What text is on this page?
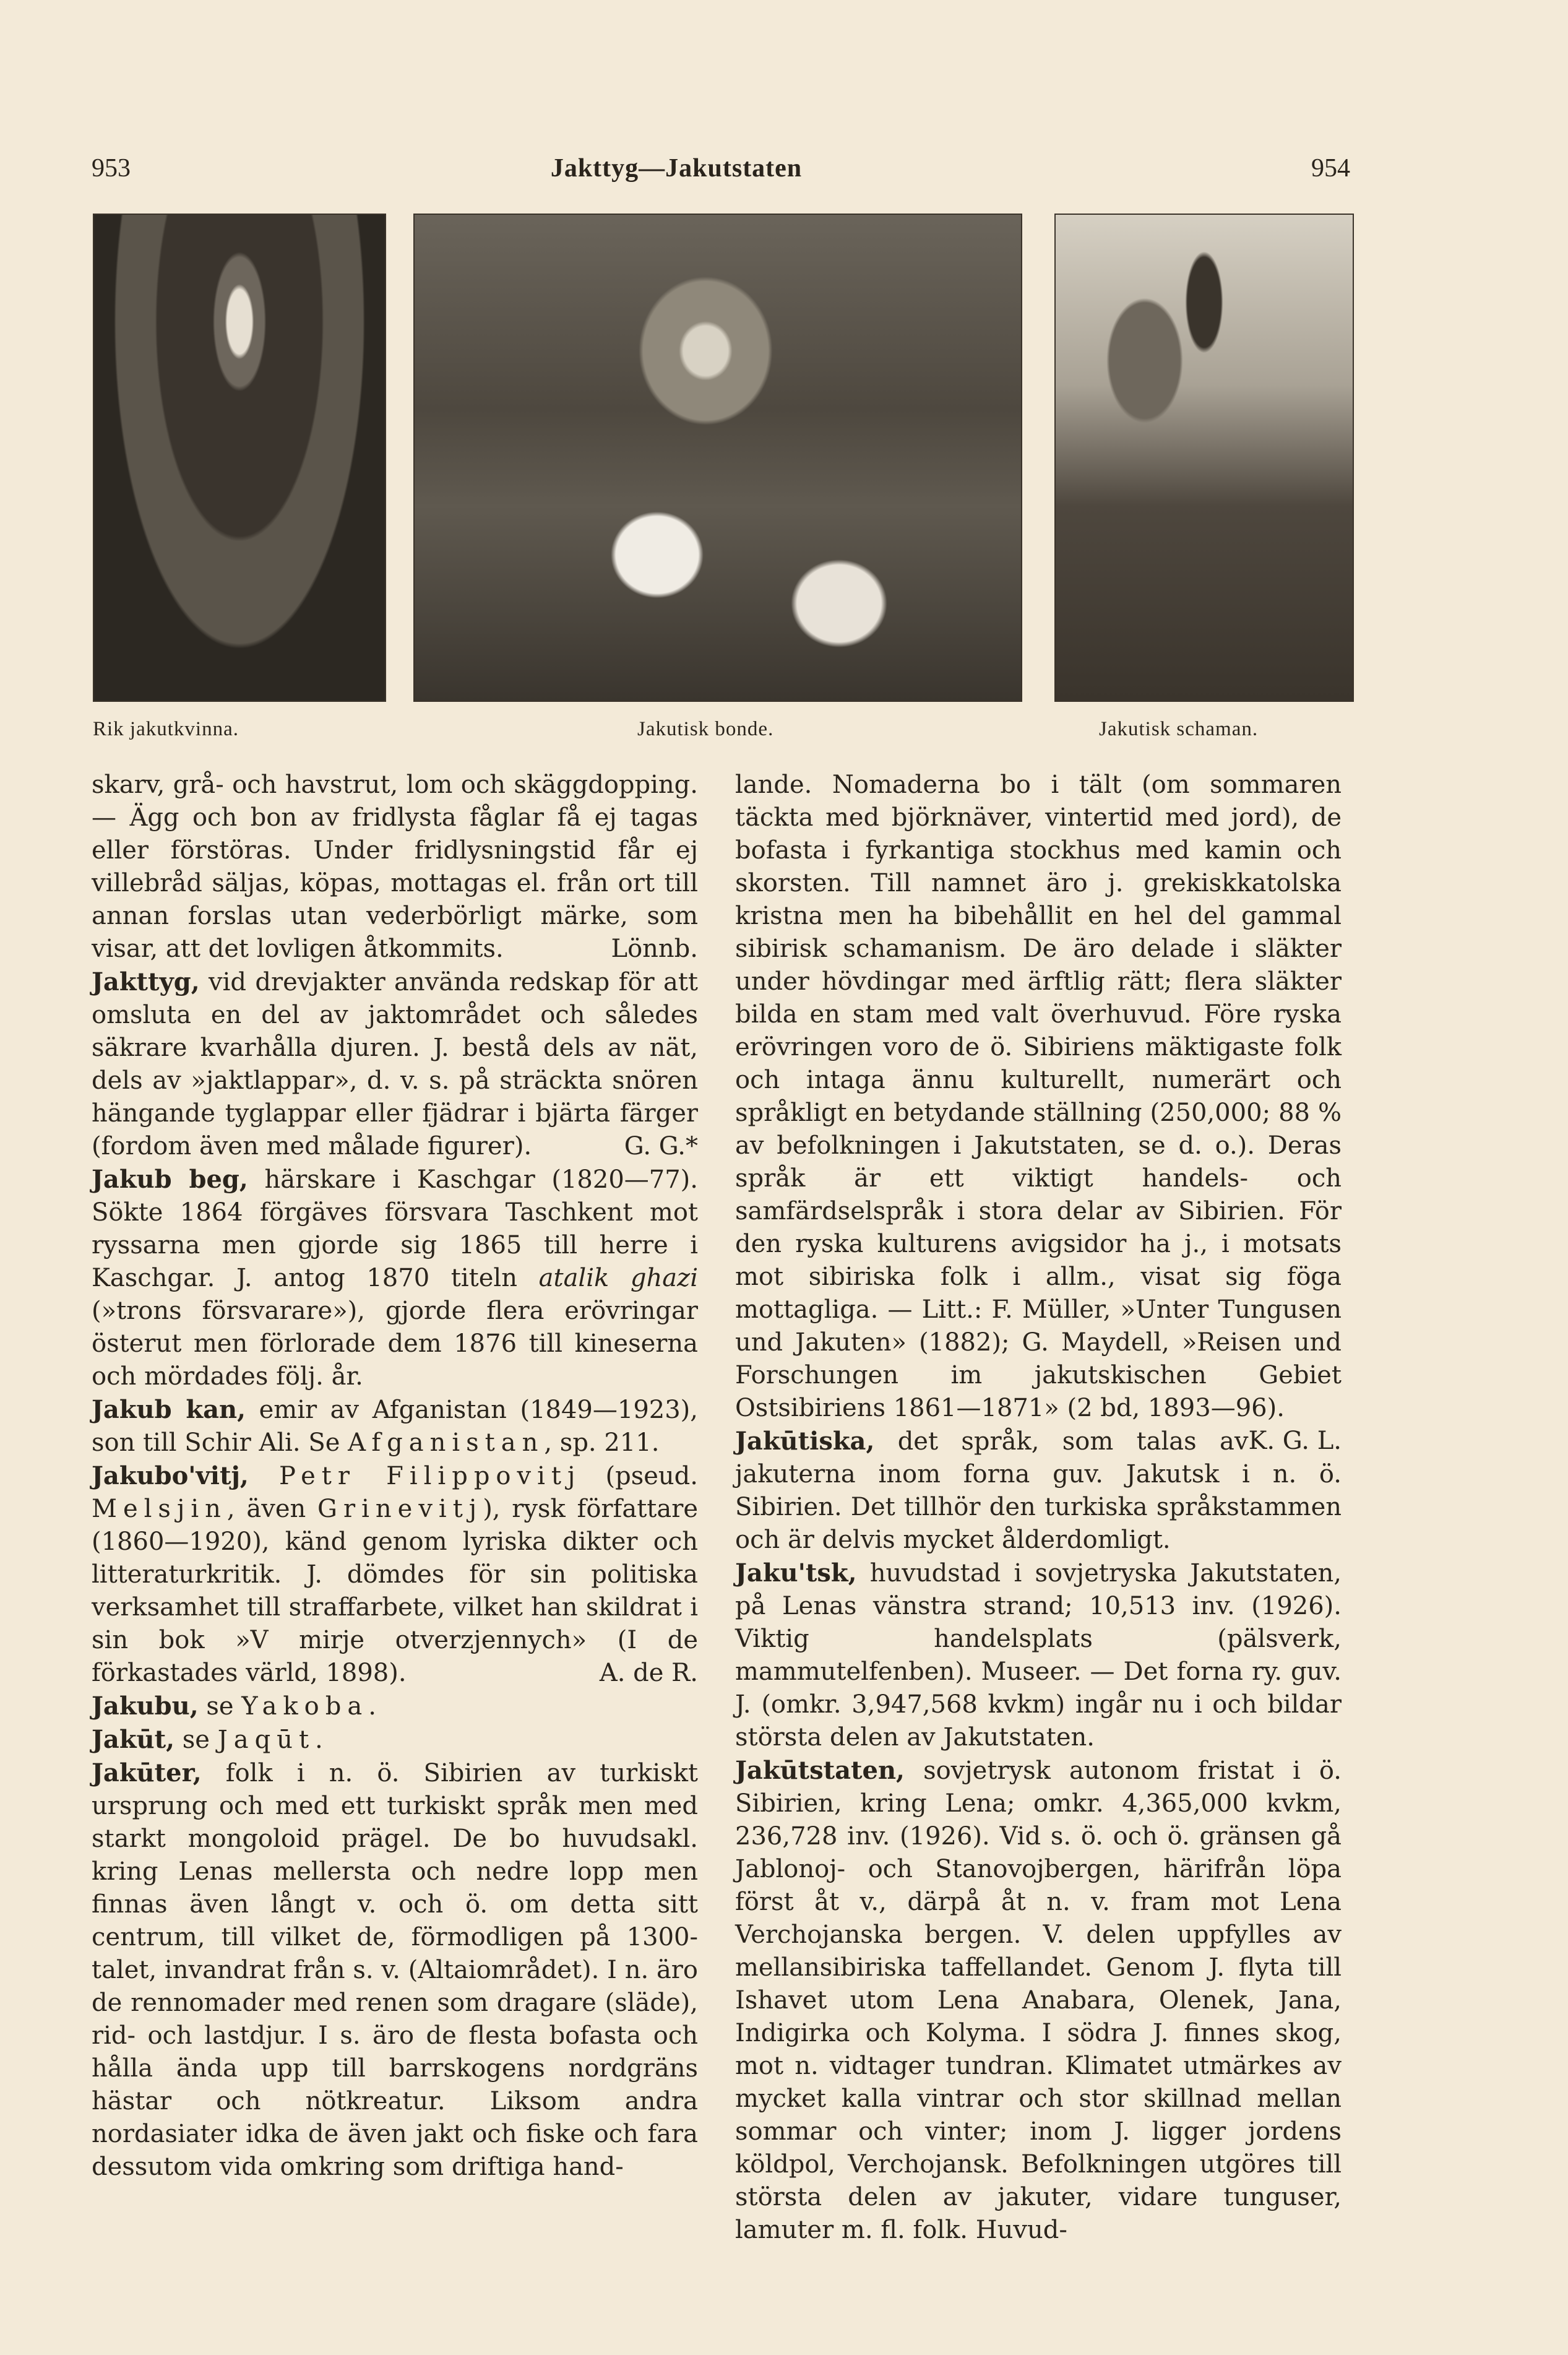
953	Jakttyg—Jakutstaten	954
Rik jakutkvinna.	Jakutisk bonde.	Jakutisk schaman.

skarv, grå- och havstrut, lom och skäggdopping. — Ägg och bon av fridlysta fåglar få ej tagas eller förstöras. Under fridlysningstid får ej villebråd säljas, köpas, mottagas el. från ort till annan forslas utan vederbörligt märke, som visar, att det lovligen åtkommits.	Lönnb.

Jakttyg, vid drevjakter använda redskap för att omsluta en del av jaktområdet och således säkrare kvarhålla djuren. J. bestå dels av nät, dels av »jaktlappar», d. v. s. på sträckta snören hängande tyglappar eller fjädrar i bjärta färger (fordom även med målade figurer).	G. G.*

Jakub beg, härskare i Kaschgar (1820—77). Sökte 1864 förgäves försvara Taschkent mot ryssarna men gjorde sig 1865 till herre i Kaschgar. J. antog 1870 titeln atalik ghazi (»trons försvarare»), gjorde flera erövringar österut men förlorade dem 1876 till kineserna och mördades följ. år.

Jakub kan, emir av Afganistan (1849—1923), son till Schir Ali. Se Afganistan, sp. 211.

Jakubo'vitj, Petr Filippovitj (pseud. Melsjin, även Grinevitj), rysk författare (1860—1920), känd genom lyriska dikter och litteraturkritik. J. dömdes för sin politiska verksamhet till straffarbete, vilket han skildrat i sin bok »V mirje otverzjennych» (I de förkastades värld, 1898).	A. de R.

Jakubu, se Yakoba.

Jakūt, se Jaqūt.

Jakūter, folk i n. ö. Sibirien av turkiskt ursprung och med ett turkiskt språk men med starkt mongoloid prägel. De bo huvudsakl. kring Lenas mellersta och nedre lopp men finnas även långt v. och ö. om detta sitt centrum, till vilket de, förmodligen på 1300-talet, invandrat från s. v. (Altaiområdet). I n. äro de rennomader med renen som dragare (släde), rid- och lastdjur. I s. äro de flesta bofasta och hålla ända upp till barrskogens nordgräns hästar och nötkreatur. Liksom andra nordasiater idka de även jakt och fiske och fara dessutom vida omkring som driftiga hand-

lande. Nomaderna bo i tält (om sommaren täckta med björknäver, vintertid med jord), de bofasta i fyrkantiga stockhus med kamin och skorsten. Till namnet äro j. grekiskkatolska kristna men ha bibehållit en hel del gammal sibirisk schamanism. De äro delade i släkter under hövdingar med ärftlig rätt; flera släkter bilda en stam med valt överhuvud. Före ryska erövringen voro de ö. Sibiriens mäktigaste folk och intaga ännu kulturellt, numerärt och språkligt en betydande ställning (250,000; 88 % av befolkningen i Jakutstaten, se d. o.). Deras språk är ett viktigt handels- och samfärdselspråk i stora delar av Sibirien. För den ryska kulturens avigsidor ha j., i motsats mot sibiriska folk i allm., visat sig föga mottagliga. — Litt.: F. Müller, »Unter Tungusen und Jakuten» (1882); G. Maydell, »Reisen und Forschungen im jakutskischen Gebiet Ostsibiriens 1861—1871» (2 bd, 1893—96).
K. G. L.

Jakūtiska, det språk, som talas av jakuterna inom forna guv. Jakutsk i n. ö. Sibirien. Det tillhör den turkiska språkstammen och är delvis mycket ålderdomligt.

Jaku'tsk, huvudstad i sovjetryska Jakutstaten, på Lenas vänstra strand; 10,513 inv. (1926). Viktig handelsplats (pälsverk, mammutelfenben). Museer. — Det forna ry. guv. J. (omkr. 3,947,568 kvkm) ingår nu i och bildar största delen av Jakutstaten.

Jakūtstaten, sovjetrysk autonom fristat i ö. Sibirien, kring Lena; omkr. 4,365,000 kvkm, 236,728 inv. (1926). Vid s. ö. och ö. gränsen gå Jablonoj- och Stanovojbergen, härifrån löpa först åt v., därpå åt n. v. fram mot Lena Verchojanska bergen. V. delen uppfylles av mellansibiriska taffellandet. Genom J. flyta till Ishavet utom Lena Anabara, Olenek, Jana, Indigirka och Kolyma. I södra J. finnes skog, mot n. vidtager tundran. Klimatet utmärkes av mycket kalla vintrar och stor skillnad mellan sommar och vinter; inom J. ligger jordens köldpol, Verchojansk. Befolkningen utgöres till största delen av jakuter, vidare tunguser, lamuter m. fl. folk. Huvud-
